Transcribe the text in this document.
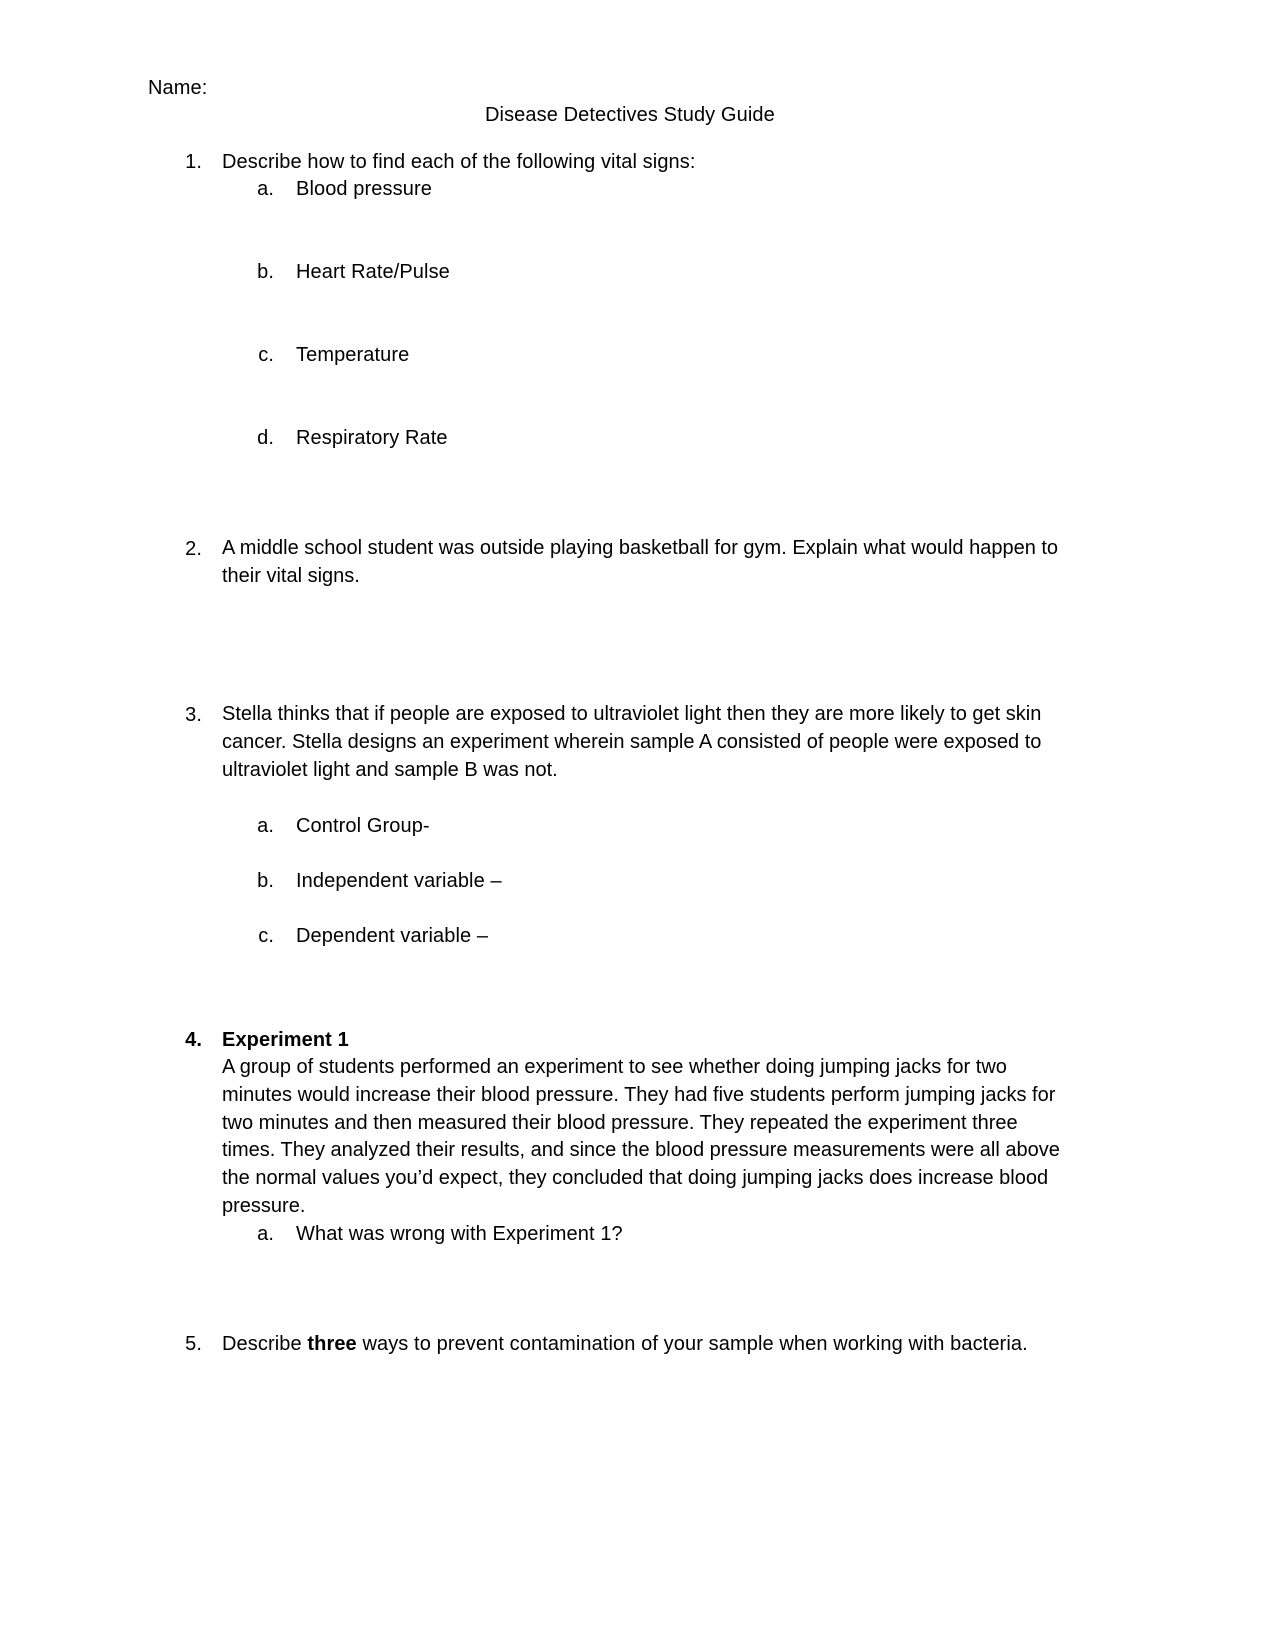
Name:
Disease Detectives Study Guide
1. Describe how to find each of the following vital signs:
a. Blood pressure
b. Heart Rate/Pulse
c. Temperature
d. Respiratory Rate
2. A middle school student was outside playing basketball for gym. Explain what would happen to
their vital signs.
3. Stella thinks that if people are exposed to ultraviolet light then they are more likely to get skin
cancer. Stella designs an experiment wherein sample A consisted of people were exposed to
ultraviolet light and sample B was not.
a. Control Group-
b. Independent variable –
c. Dependent variable –
4. Experiment 1
A group of students performed an experiment to see whether doing jumping jacks for two
minutes would increase their blood pressure. They had five students perform jumping jacks for
two minutes and then measured their blood pressure. They repeated the experiment three
times. They analyzed their results, and since the blood pressure measurements were all above
the normal values you’d expect, they concluded that doing jumping jacks does increase blood
pressure.
a. What was wrong with Experiment 1?
5. Describe three ways to prevent contamination of your sample when working with bacteria.
